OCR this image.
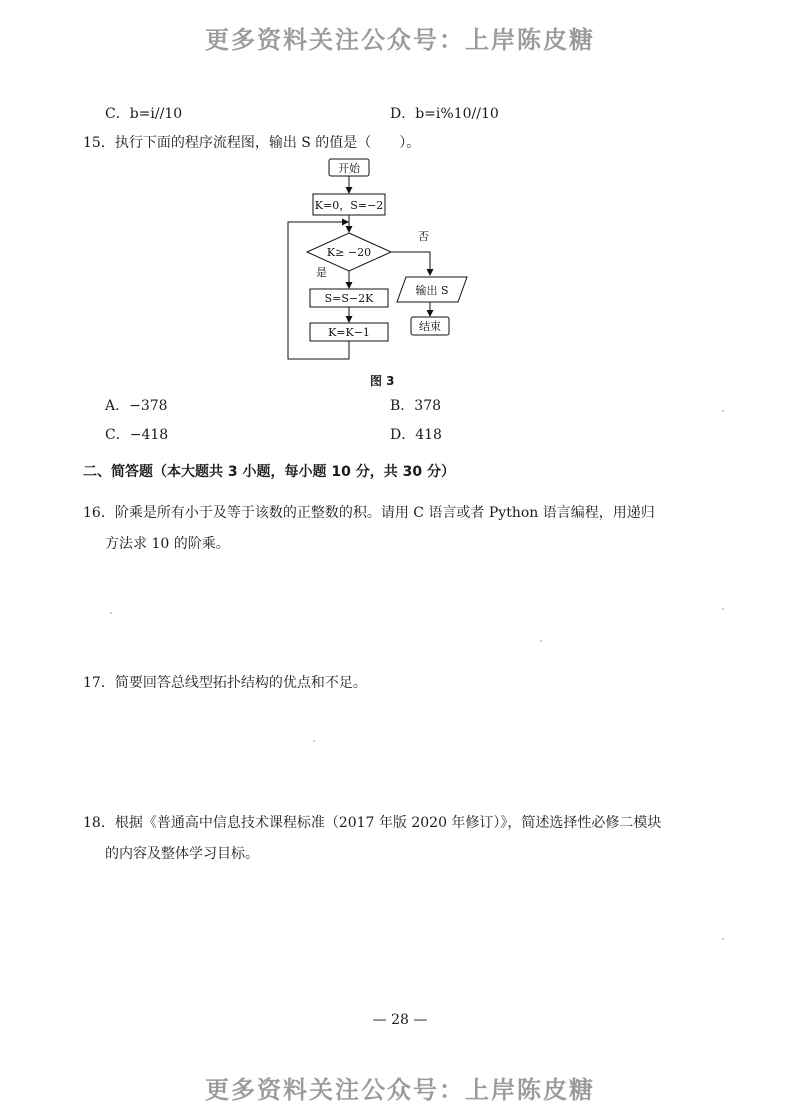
更多资料关注公众号：上岸陈皮糖
C．b=i//10	D．b=i%10//10
15．执行下面的程序流程图，输出 S 的值是（　　）。
开始
K=0，S=−2
K≥ −20
否
是
输出 S
结束
S=S−2K
K=K−1
图 3
A．−378	B．378
C．−418	D．418
二、简答题（本大题共 3 小题，每小题 10 分，共 30 分）
16．阶乘是所有小于及等于该数的正整数的积。请用 C 语言或者 Python 语言编程，用递归
方法求 10 的阶乘。
17．简要回答总线型拓扑结构的优点和不足。
18．根据《普通高中信息技术课程标准（2017 年版 2020 年修订）》，简述选择性必修二模块
的内容及整体学习目标。
— 28 —
更多资料关注公众号：上岸陈皮糖
